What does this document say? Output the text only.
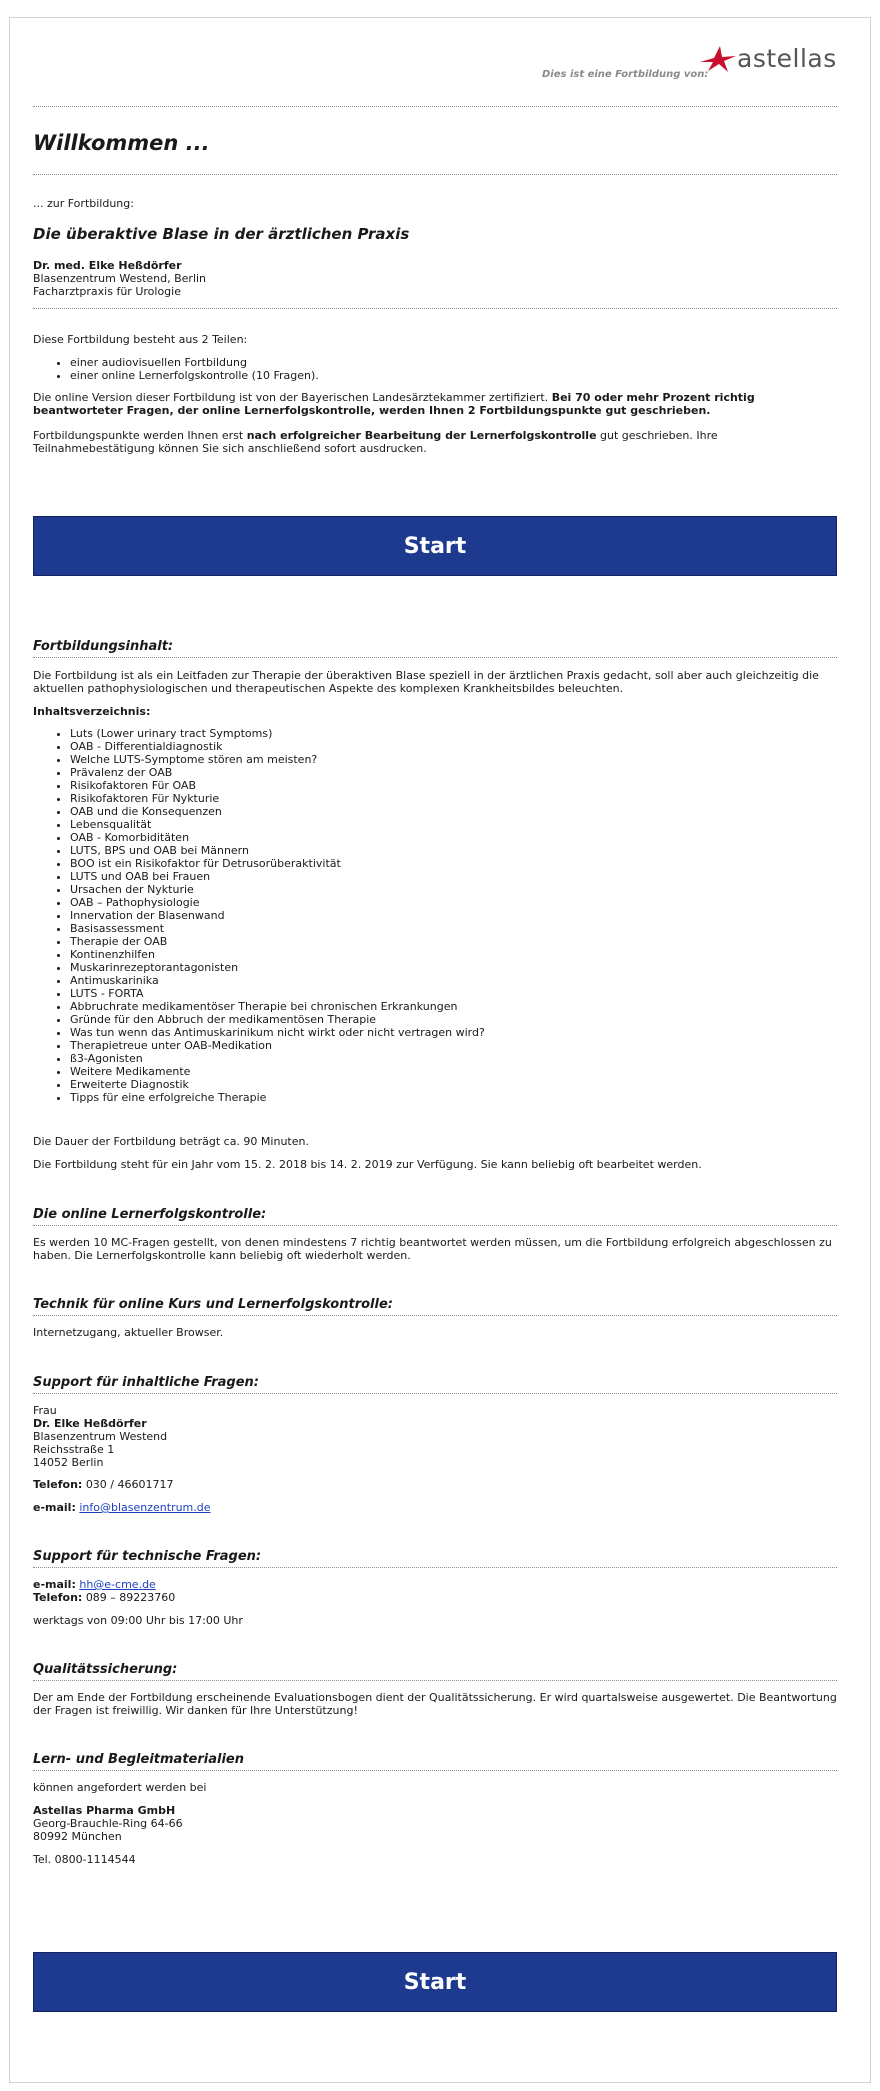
Dies ist eine Fortbildung von:
astellas
Willkommen ...
... zur Fortbildung:
Die überaktive Blase in der ärztlichen Praxis
Dr. med. Elke Heßdörfer
Blasenzentrum Westend, Berlin
Facharztpraxis für Urologie
Diese Fortbildung besteht aus 2 Teilen:
• einer audiovisuellen Fortbildung
• einer online Lernerfolgskontrolle (10 Fragen).
Die online Version dieser Fortbildung ist von der Bayerischen Landesärztekammer zertifiziert. Bei 70 oder mehr Prozent richtig beantworteter Fragen, der online Lernerfolgskontrolle, werden Ihnen 2 Fortbildungspunkte gut geschrieben.
Fortbildungspunkte werden Ihnen erst nach erfolgreicher Bearbeitung der Lernerfolgskontrolle gut geschrieben. Ihre Teilnahmebestätigung können Sie sich anschließend sofort ausdrucken.
Start
Fortbildungsinhalt:
Die Fortbildung ist als ein Leitfaden zur Therapie der überaktiven Blase speziell in der ärztlichen Praxis gedacht, soll aber auch gleichzeitig die aktuellen pathophysiologischen und therapeutischen Aspekte des komplexen Krankheitsbildes beleuchten.
Inhaltsverzeichnis:
• Luts (Lower urinary tract Symptoms)
• OAB - Differentialdiagnostik
• Welche LUTS-Symptome stören am meisten?
• Prävalenz der OAB
• Risikofaktoren Für OAB
• Risikofaktoren Für Nykturie
• OAB und die Konsequenzen
• Lebensqualität
• OAB - Komorbiditäten
• LUTS, BPS und OAB bei Männern
• BOO ist ein Risikofaktor für Detrusorüberaktivität
• LUTS und OAB bei Frauen
• Ursachen der Nykturie
• OAB – Pathophysiologie
• Innervation der Blasenwand
• Basisassessment
• Therapie der OAB
• Kontinenzhilfen
• Muskarinrezeptorantagonisten
• Antimuskarinika
• LUTS - FORTA
• Abbruchrate medikamentöser Therapie bei chronischen Erkrankungen
• Gründe für den Abbruch der medikamentösen Therapie
• Was tun wenn das Antimuskarinikum nicht wirkt oder nicht vertragen wird?
• Therapietreue unter OAB-Medikation
• ß3-Agonisten
• Weitere Medikamente
• Erweiterte Diagnostik
• Tipps für eine erfolgreiche Therapie
Die Dauer der Fortbildung beträgt ca. 90 Minuten.
Die Fortbildung steht für ein Jahr vom 15. 2. 2018 bis 14. 2. 2019 zur Verfügung. Sie kann beliebig oft bearbeitet werden.
Die online Lernerfolgskontrolle:
Es werden 10 MC-Fragen gestellt, von denen mindestens 7 richtig beantwortet werden müssen, um die Fortbildung erfolgreich abgeschlossen zu haben. Die Lernerfolgskontrolle kann beliebig oft wiederholt werden.
Technik für online Kurs und Lernerfolgskontrolle:
Internetzugang, aktueller Browser.
Support für inhaltliche Fragen:
Frau
Dr. Elke Heßdörfer
Blasenzentrum Westend
Reichsstraße 1
14052 Berlin
Telefon: 030 / 46601717
e-mail: info@blasenzentrum.de
Support für technische Fragen:
e-mail: hh@e-cme.de
Telefon: 089 – 89223760
werktags von 09:00 Uhr bis 17:00 Uhr
Qualitätssicherung:
Der am Ende der Fortbildung erscheinende Evaluationsbogen dient der Qualitätssicherung. Er wird quartalsweise ausgewertet. Die Beantwortung der Fragen ist freiwillig. Wir danken für Ihre Unterstützung!
Lern- und Begleitmaterialien
können angefordert werden bei
Astellas Pharma GmbH
Georg-Brauchle-Ring 64-66
80992 München
Tel. 0800-1114544
Start
